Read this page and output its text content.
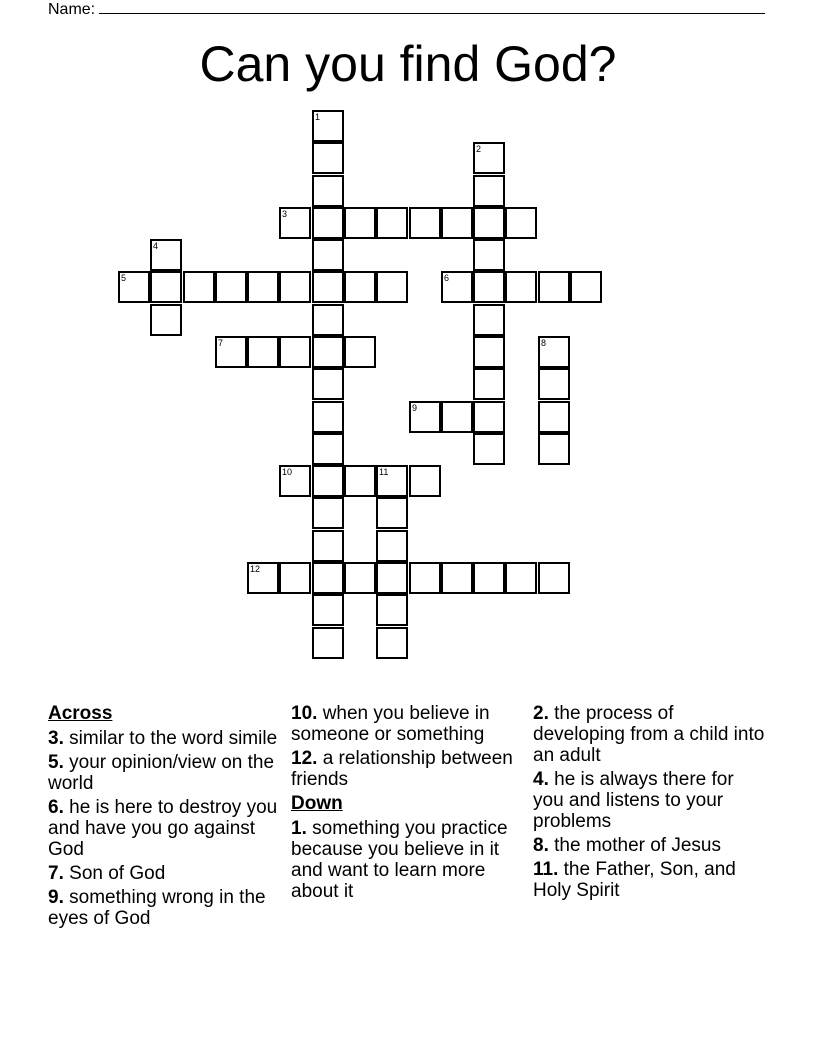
Name:
Can you find God?
1
2
3
4
5	6
7	8
9
10	11
12
Across
3. similar to the word simile
5. your opinion/view on the world
6. he is here to destroy you and have you go against God
7. Son of God
9. something wrong in the eyes of God
10. when you believe in someone or something
12. a relationship between friends
Down
1. something you practice because you believe in it and want to learn more about it
2. the process of developing from a child into an adult
4. he is always there for you and listens to your problems
8. the mother of Jesus
11. the Father, Son, and Holy Spirit
